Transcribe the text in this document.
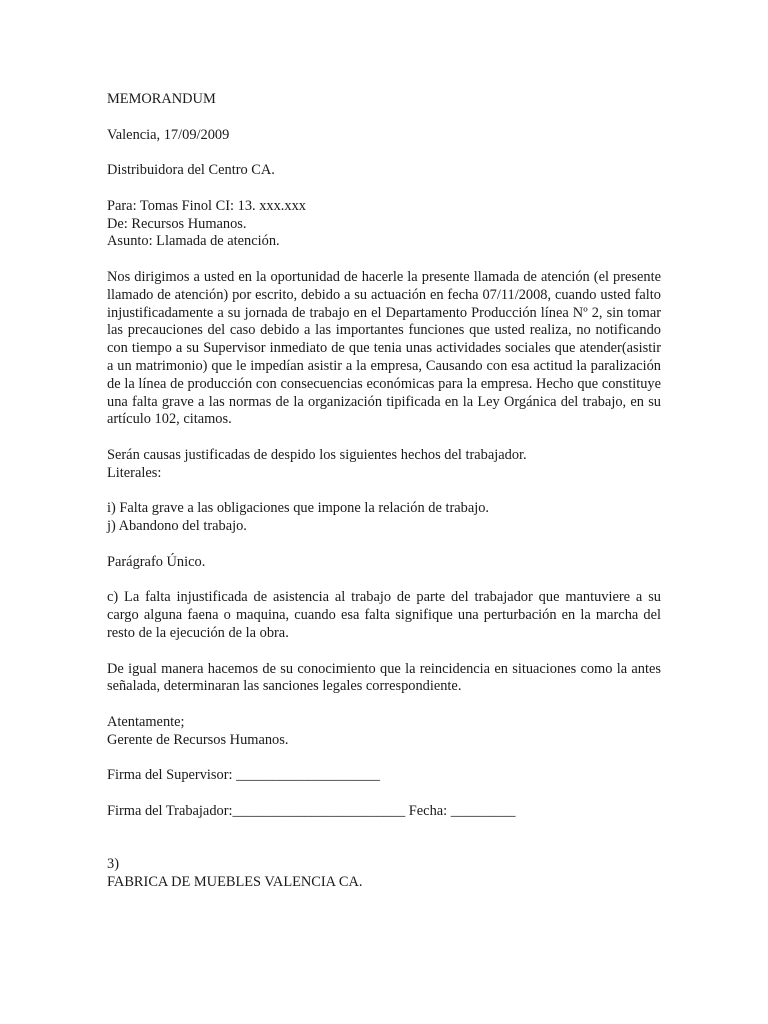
MEMORANDUM

Valencia, 17/09/2009

Distribuidora del Centro CA.

Para: Tomas Finol CI: 13. xxx.xxx

De: Recursos Humanos.

Asunto: Llamada de atención.

Nos dirigimos a usted en la oportunidad de hacerle la presente llamada de atención (el presente llamado de atención) por escrito, debido a su actuación en fecha 07/11/2008, cuando usted falto injustificadamente a su jornada de trabajo en el Departamento Producción línea Nº 2, sin tomar las precauciones del caso debido a las importantes funciones que usted realiza, no notificando con tiempo a su Supervisor inmediato de que tenia unas actividades sociales que atender(asistir a un matrimonio) que le impedían asistir a la empresa, Causando con esa actitud la paralización de la línea de producción con consecuencias económicas para la empresa. Hecho que constituye una falta grave a las normas de la organización tipificada en la Ley Orgánica del trabajo, en su artículo 102, citamos.

Serán causas justificadas de despido los siguientes hechos del trabajador.

Literales:

i) Falta grave a las obligaciones que impone la relación de trabajo.

j) Abandono del trabajo.

Parágrafo Único.

c) La falta injustificada de asistencia al trabajo de parte del trabajador que mantuviere a su cargo alguna faena o maquina, cuando esa falta signifique una perturbación en la marcha del resto de la ejecución de la obra.

De igual manera hacemos de su conocimiento que la reincidencia en situaciones como la antes señalada, determinaran las sanciones legales correspondiente.

Atentamente;

Gerente de Recursos Humanos.

Firma del Supervisor: ____________________

Firma del Trabajador:________________________ Fecha: _________

3)

FABRICA DE MUEBLES VALENCIA CA.
